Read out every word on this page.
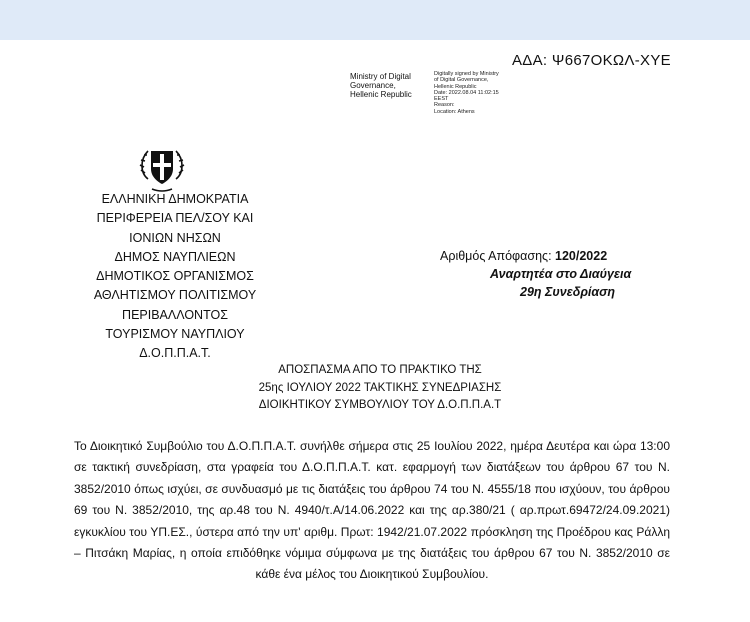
ΑΔΑ: Ψ667ΟΚΩΛ-ΧΥΕ
Ministry of Digital
Governance,
Hellenic Republic
Digitally signed by Ministry
of Digital Governance,
Hellenic Republic
Date: 2022.08.04 11:02:15
EEST
Reason:
Location: Athens
ΕΛΛΗΝΙΚΗ ΔΗΜΟΚΡΑΤΙΑ
ΠΕΡΙΦΕΡΕΙΑ ΠΕΛ/ΣΟΥ ΚΑΙ
ΙΟΝΙΩΝ ΝΗΣΩΝ
ΔΗΜΟΣ ΝΑΥΠΛΙΕΩΝ
ΔΗΜΟΤΙΚΟΣ ΟΡΓΑΝΙΣΜΟΣ
ΑΘΛΗΤΙΣΜΟΥ ΠΟΛΙΤΙΣΜΟΥ
ΠΕΡΙΒΑΛΛΟΝΤΟΣ
ΤΟΥΡΙΣΜΟΥ ΝΑΥΠΛΙΟΥ
Δ.Ο.Π.Π.Α.Τ.
Αριθμός Απόφασης: 120/2022
Αναρτητέα στο Διαύγεια
29η Συνεδρίαση
ΑΠΟΣΠΑΣΜΑ ΑΠΟ ΤΟ ΠΡΑΚΤΙΚΟ ΤΗΣ
25ης ΙΟΥΛΙΟΥ 2022 ΤΑΚΤΙΚΗΣ ΣΥΝΕΔΡΙΑΣΗΣ
ΔΙΟΙΚΗΤΙΚΟΥ ΣΥΜΒΟΥΛΙΟΥ ΤΟΥ Δ.Ο.Π.Π.Α.Τ
Το Διοικητικό Συμβούλιο του Δ.Ο.Π.Π.Α.Τ. συνήλθε σήμερα στις 25 Ιουλίου 2022, ημέρα Δευτέρα και ώρα 13:00 σε τακτική συνεδρίαση, στα γραφεία του Δ.Ο.Π.Π.Α.Τ. κατ. εφαρμογή των διατάξεων του άρθρου 67 του Ν. 3852/2010 όπως ισχύει, σε συνδυασμό με τις διατάξεις του άρθρου 74 του Ν. 4555/18 που ισχύουν, του άρθρου 69 του Ν. 3852/2010, της αρ.48 του Ν. 4940/τ.Α/14.06.2022 και της αρ.380/21 ( αρ.πρωτ.69472/24.09.2021) εγκυκλίου του ΥΠ.ΕΣ., ύστερα από την υπ' αριθμ. Πρωτ: 1942/21.07.2022 πρόσκληση της Προέδρου κας Ράλλη – Πιτσάκη Μαρίας, η οποία επιδόθηκε νόμιμα σύμφωνα με της διατάξεις του άρθρου 67 του Ν. 3852/2010 σε κάθε ένα μέλος του Διοικητικού Συμβουλίου.
